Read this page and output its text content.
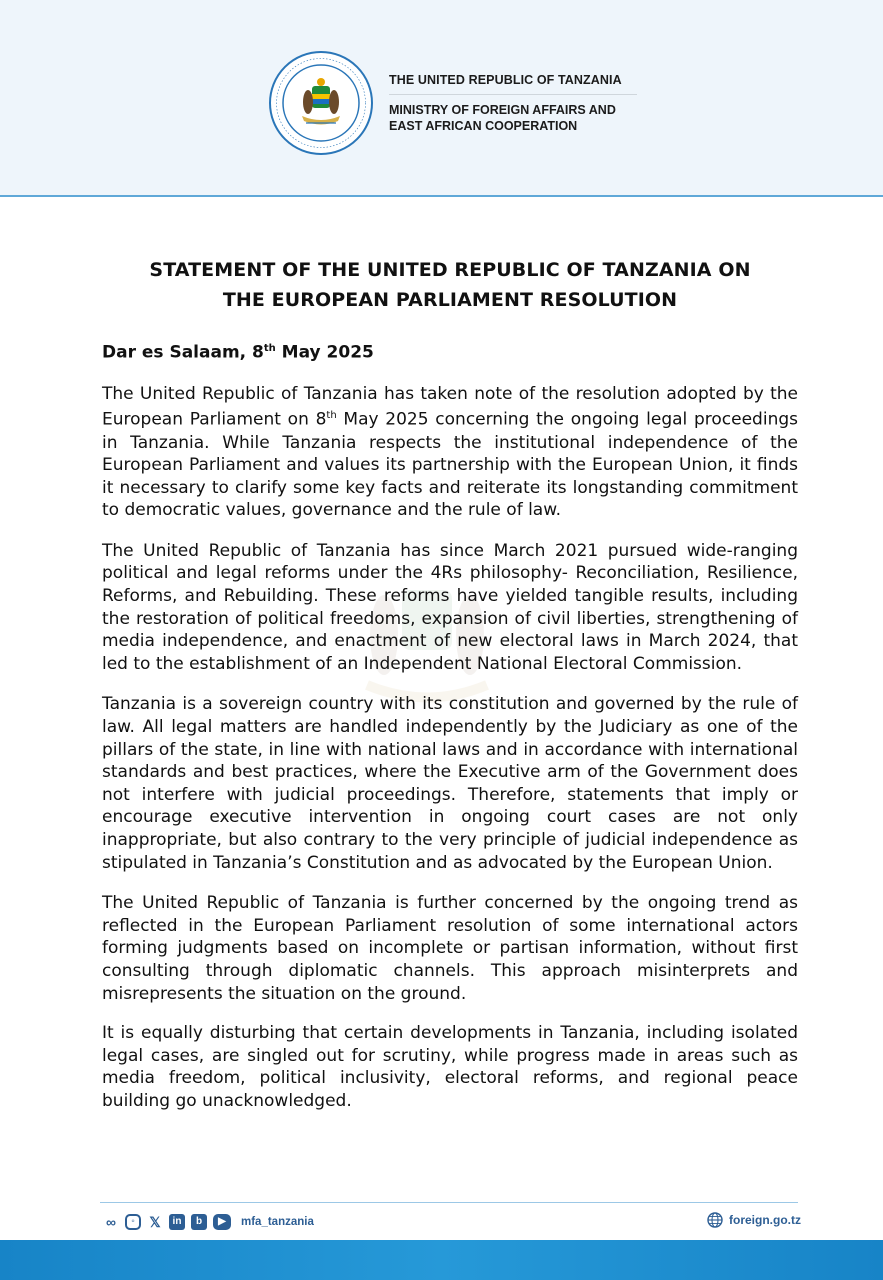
THE UNITED REPUBLIC OF TANZANIA
MINISTRY OF FOREIGN AFFAIRS AND
EAST AFRICAN COOPERATION
STATEMENT OF THE UNITED REPUBLIC OF TANZANIA ON
THE EUROPEAN PARLIAMENT RESOLUTION
Dar es Salaam, 8th May 2025

The United Republic of Tanzania has taken note of the resolution adopted by the European Parliament on 8th May 2025 concerning the ongoing legal proceedings in Tanzania. While Tanzania respects the institutional independence of the European Parliament and values its partnership with the European Union, it finds it necessary to clarify some key facts and reiterate its longstanding commitment to democratic values, governance and the rule of law.

The United Republic of Tanzania has since March 2021 pursued wide-ranging political and legal reforms under the 4Rs philosophy- Reconciliation, Resilience, Reforms, and Rebuilding. These reforms have yielded tangible results, including the restoration of political freedoms, expansion of civil liberties, strengthening of media independence, and enactment of new electoral laws in March 2024, that led to the establishment of an Independent National Electoral Commission.

Tanzania is a sovereign country with its constitution and governed by the rule of law. All legal matters are handled independently by the Judiciary as one of the pillars of the state, in line with national laws and in accordance with international standards and best practices, where the Executive arm of the Government does not interfere with judicial proceedings. Therefore, statements that imply or encourage executive intervention in ongoing court cases are not only inappropriate, but also contrary to the very principle of judicial independence as stipulated in Tanzania’s Constitution and as advocated by the European Union.

The United Republic of Tanzania is further concerned by the ongoing trend as reflected in the European Parliament resolution of some international actors forming judgments based on incomplete or partisan information, without first consulting through diplomatic channels. This approach misinterprets and misrepresents the situation on the ground.

It is equally disturbing that certain developments in Tanzania, including isolated legal cases, are singled out for scrutiny, while progress made in areas such as media freedom, political inclusivity, electoral reforms, and regional peace building go unacknowledged.

∞	◦	𝕏	in	b	▶	mfa_tanzania	foreign.go.tz
